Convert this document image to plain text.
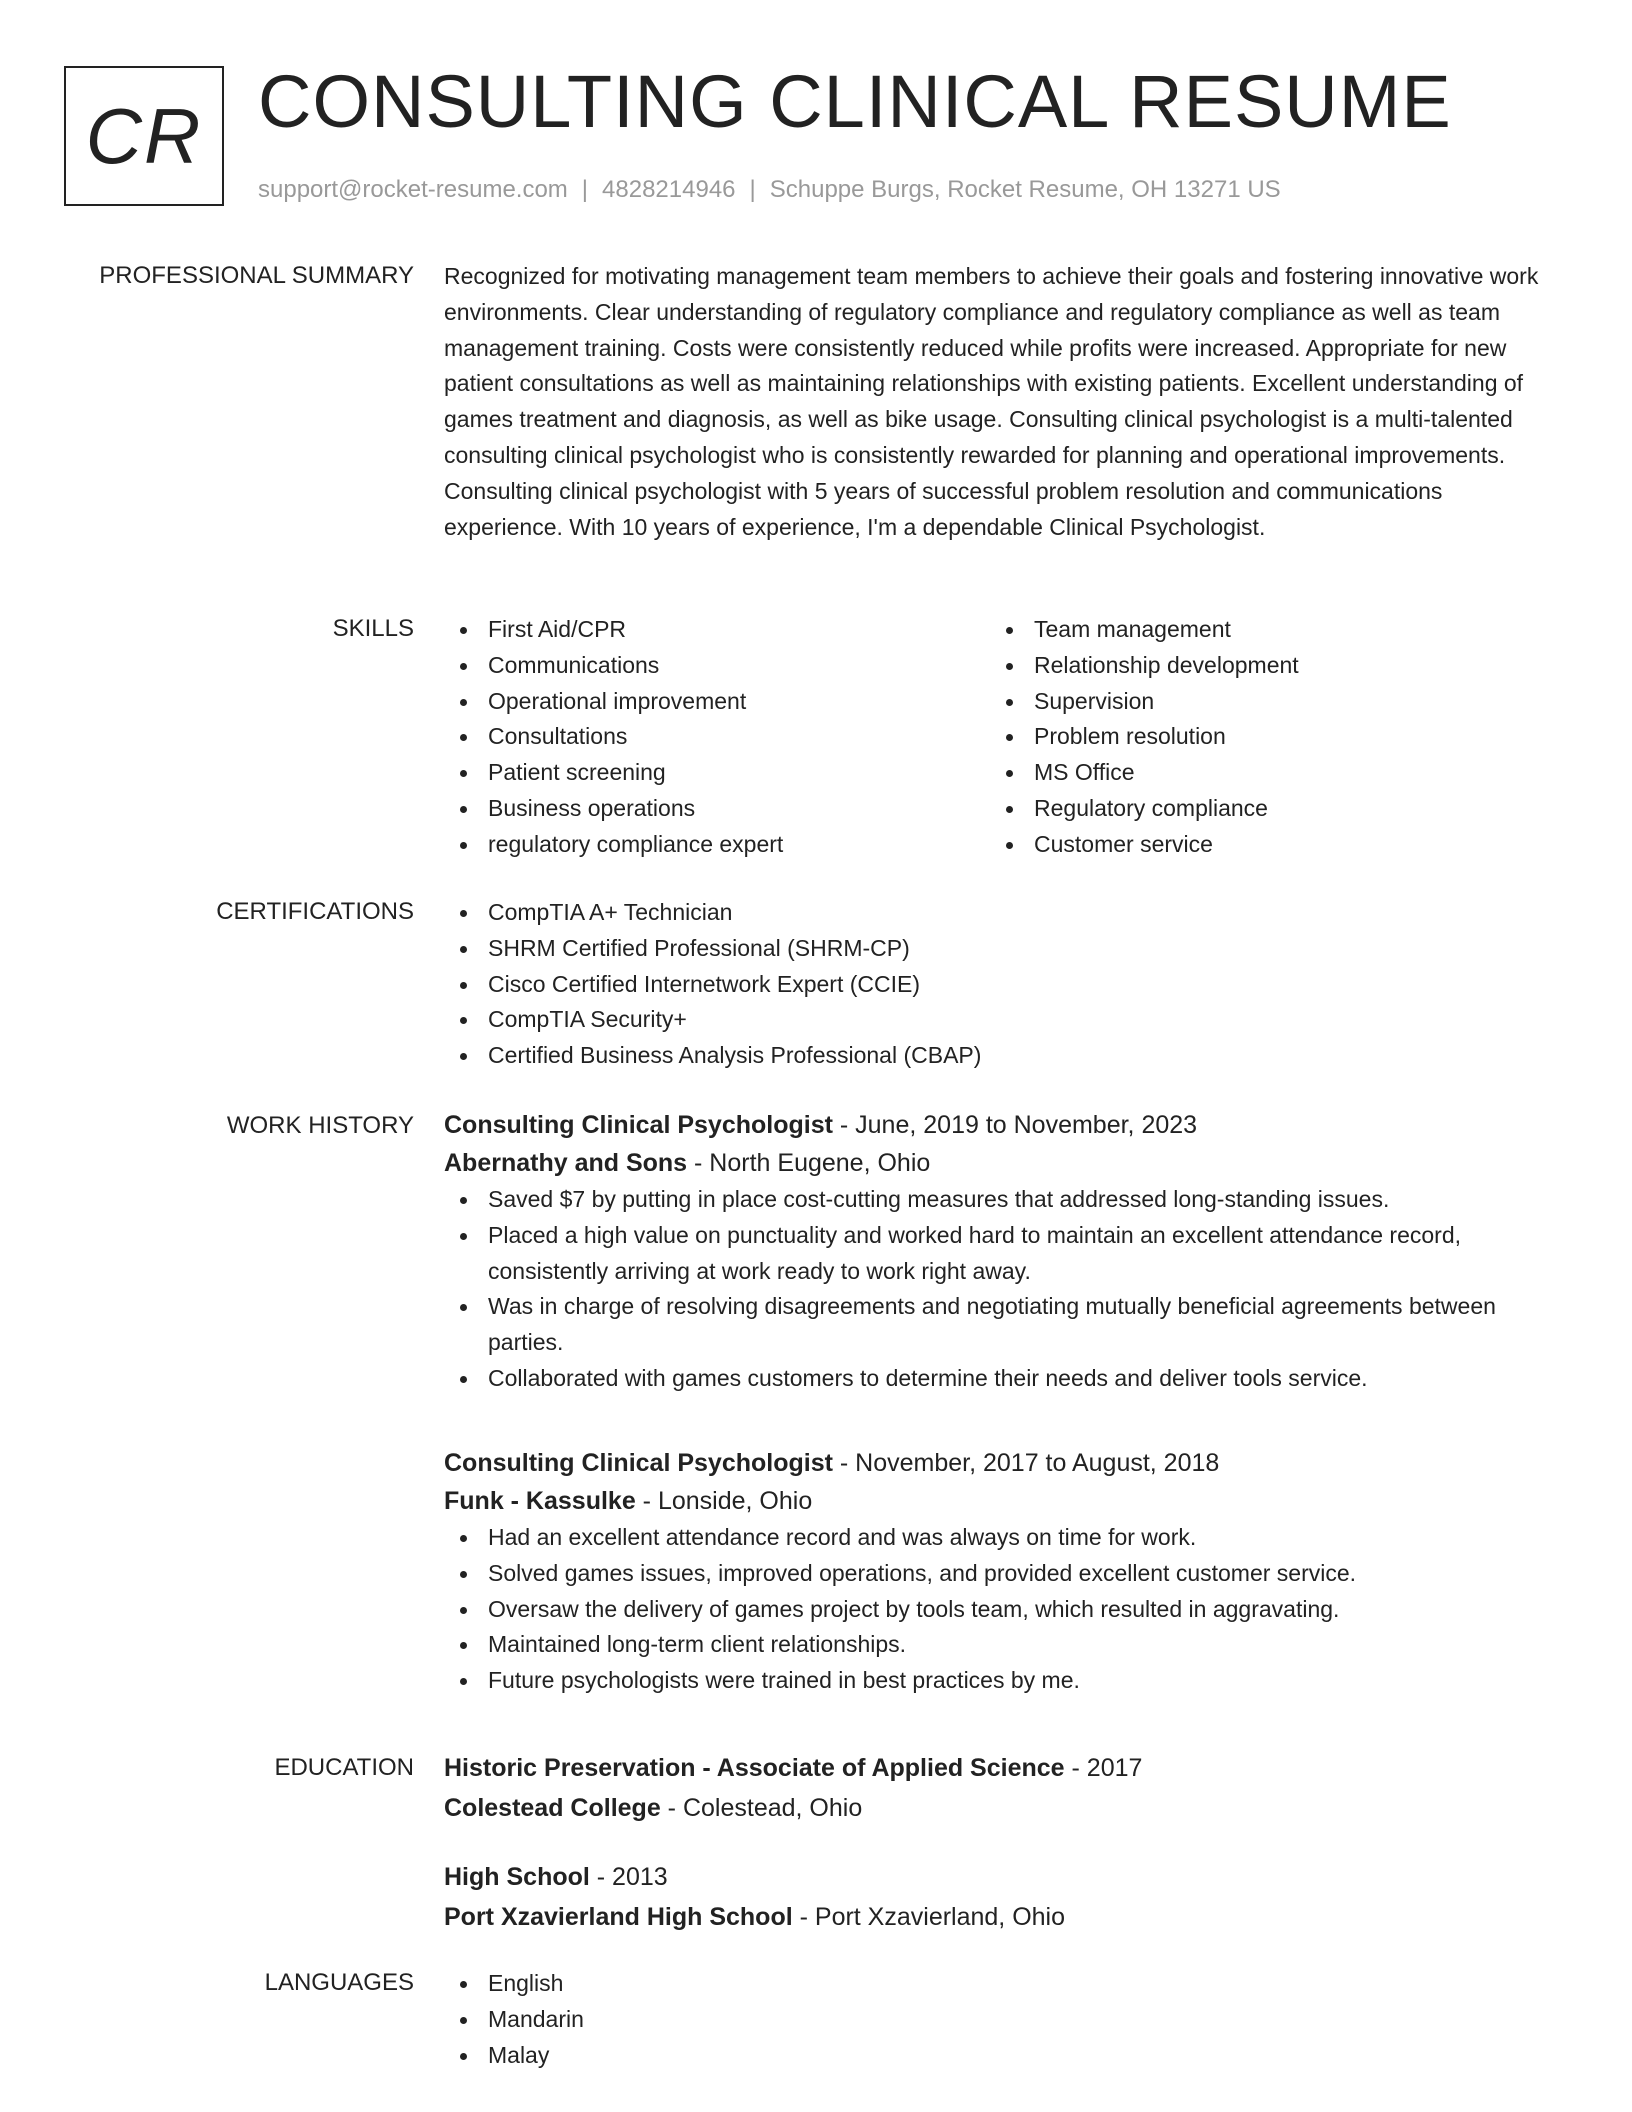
CR CONSULTING CLINICAL RESUME
support@rocket-resume.com | 4828214946 | Schuppe Burgs, Rocket Resume, OH 13271 US
PROFESSIONAL SUMMARY Recognized for motivating management team members to achieve their goals and fostering innovative work environments. Clear understanding of regulatory compliance and regulatory compliance as well as team management training. Costs were consistently reduced while profits were increased. Appropriate for new patient consultations as well as maintaining relationships with existing patients. Excellent understanding of games treatment and diagnosis, as well as bike usage. Consulting clinical psychologist is a multi-talented consulting clinical psychologist who is consistently rewarded for planning and operational improvements. Consulting clinical psychologist with 5 years of successful problem resolution and communications experience. With 10 years of experience, I'm a dependable Clinical Psychologist.

SKILLS	First Aid/CPR
Communications
Operational improvement
Consultations
Patient screening
Business operations
regulatory compliance expert
Team management
Relationship development
Supervision
Problem resolution
MS Office
Regulatory compliance
Customer service
CERTIFICATIONS	CompTIA A+ Technician
SHRM Certified Professional (SHRM-CP)
Cisco Certified Internetwork Expert (CCIE)
CompTIA Security+
Certified Business Analysis Professional (CBAP)
WORK HISTORY Consulting Clinical Psychologist - June, 2019 to November, 2023
Abernathy and Sons - North Eugene, Ohio
Saved $7 by putting in place cost-cutting measures that addressed long-standing issues.
Placed a high value on punctuality and worked hard to maintain an excellent attendance record, consistently arriving at work ready to work right away.
Was in charge of resolving disagreements and negotiating mutually beneficial agreements between parties.
Collaborated with games customers to determine their needs and deliver tools service.
Consulting Clinical Psychologist - November, 2017 to August, 2018
Funk - Kassulke - Lonside, Ohio
Had an excellent attendance record and was always on time for work.
Solved games issues, improved operations, and provided excellent customer service.
Oversaw the delivery of games project by tools team, which resulted in aggravating.
Maintained long-term client relationships.
Future psychologists were trained in best practices by me.
EDUCATION Historic Preservation - Associate of Applied Science - 2017
Colestead College - Colestead, Ohio
High School - 2013
Port Xzavierland High School - Port Xzavierland, Ohio
LANGUAGES	English
Mandarin
Malay
